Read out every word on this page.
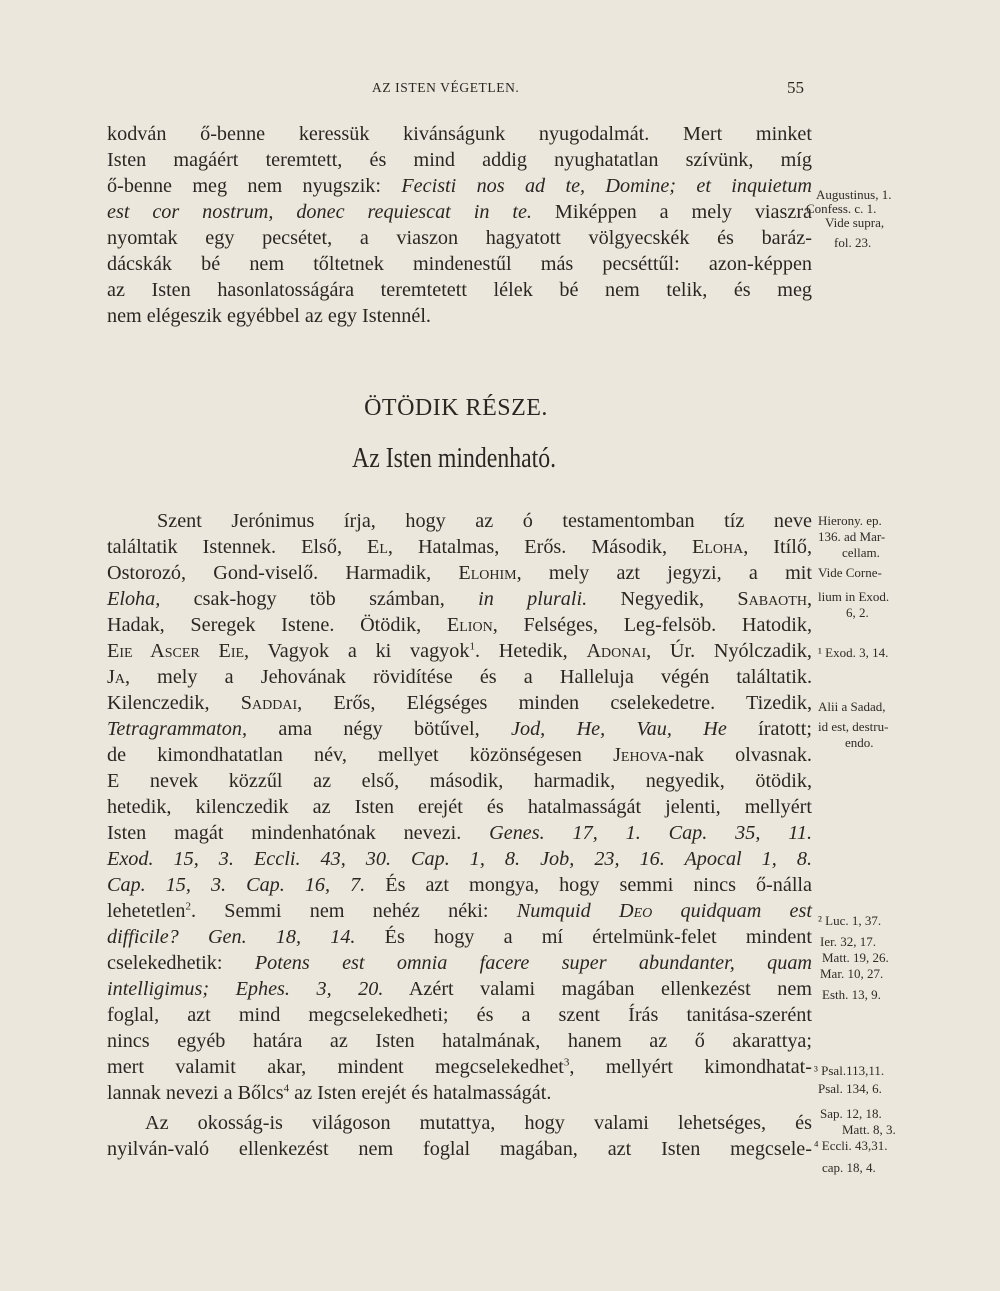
AZ ISTEN VÉGETLEN.	55
kodván ő-benne keressük kivánságunk nyugodalmát. Mert minket
Isten magáért teremtett, és mind addig nyughatatlan szívünk, míg
ő-benne meg nem nyugszik: Fecisti nos ad te, Domine; et inquietum
est cor nostrum, donec requiescat in te. Miképpen a mely viaszra
nyomtak egy pecsétet, a viaszon hagyatott völgyecskék és baráz-
dácskák bé nem tőltetnek mindenestűl más pecséttűl: azon-képpen
az Isten hasonlatosságára teremtetett lélek bé nem telik, és meg
nem elégeszik egyébbel az egy Istennél.
ÖTÖDIK RÉSZE.
Az Isten mindenható.
Szent Jerónimus írja, hogy az ó testamentomban tíz neve
találtatik Istennek. Első, El, Hatalmas, Erős. Második, Eloha, Itílő,
Ostorozó, Gond-viselő. Harmadik, Elohim, mely azt jegyzi, a mit
Eloha, csak-hogy töb számban, in plurali. Negyedik, Sabaoth,
Hadak, Seregek Istene. Ötödik, Elion, Felséges, Leg-felsöb. Hatodik,
Eie Ascer Eie, Vagyok a ki vagyok$^1$. Hetedik, Adonai, Úr. Nyólczadik,
Ja, mely a Jehovának rövidítése és a Halleluja végén találtatik.
Kilenczedik, Saddai, Erős, Elégséges minden cselekedetre. Tizedik,
Tetragrammaton, ama négy bötűvel, Jod, He, Vau, He íratott;
de kimondhatatlan név, mellyet közönségesen Jehova-nak olvasnak.
E nevek közzűl az első, második, harmadik, negyedik, ötödik,
hetedik, kilenczedik az Isten erejét és hatalmasságát jelenti, mellyért
Isten magát mindenhatónak nevezi. Genes. 17, 1. Cap. 35, 11.
Exod. 15, 3. Eccli. 43, 30. Cap. 1, 8. Job, 23, 16. Apocal 1, 8.
Cap. 15, 3. Cap. 16, 7. És azt mongya, hogy semmi nincs ő-nálla
lehetetlen$^2$. Semmi nem nehéz néki: Numquid Deo quidquam est
difficile? Gen. 18, 14. És hogy a mí értelmünk-felet mindent
cselekedhetik: Potens est omnia facere super abundanter, quam
intelligimus; Ephes. 3, 20. Azért valami magában ellenkezést nem
foglal, azt mind megcselekedheti; és a szent Írás tanitása-szerént
nincs egyéb határa az Isten hatalmának, hanem az ő akarattya;
mert valamit akar, mindent megcselekedhet$^3$, mellyért kimondhatat-
lannak nevezi a Bőlcs$^4$ az Isten erejét és hatalmasságát.
Az okosság-is világoson mutattya, hogy valami lehetséges, és
nyilván-való ellenkezést nem foglal magában, azt Isten megcsele-
Augustinus, 1.
Confess. c. 1.
Vide supra,
fol. 23.
Hierony. ep.
136. ad Mar-
cellam.
Vide Corne-
lium in Exod.
6, 2.
¹ Exod. 3, 14.
Alii a Sadad,
id est, destru-
endo.
² Luc. 1, 37.
Ier. 32, 17.
Matt. 19, 26.
Mar. 10, 27.
Esth. 13, 9.
³ Psal.113,11.
Psal. 134, 6.
Sap. 12, 18.
Matt. 8, 3.
⁴ Eccli. 43,31.
cap. 18, 4.
